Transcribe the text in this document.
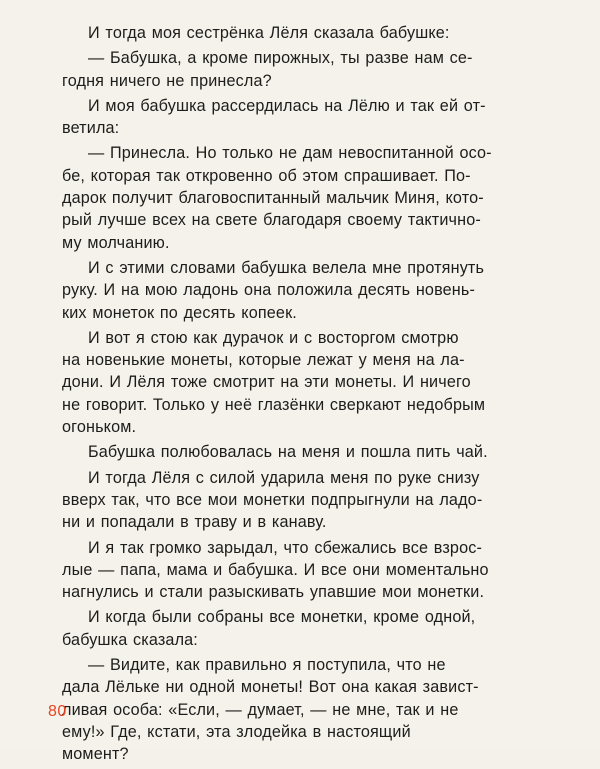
И тогда моя сестрёнка Лёля сказала бабушке:
— Бабушка, а кроме пирожных, ты разве нам се-
годня ничего не принесла?
И моя бабушка рассердилась на Лёлю и так ей от-
ветила:
— Принесла. Но только не дам невоспитанной осо-
бе, которая так откровенно об этом спрашивает. По-
дарок получит благовоспитанный мальчик Миня, кото-
рый лучше всех на свете благодаря своему тактично-
му молчанию.
И с этими словами бабушка велела мне протянуть
руку. И на мою ладонь она положила десять новень-
ких монеток по десять копеек.
И вот я стою как дурачок и с восторгом смотрю
на новенькие монеты, которые лежат у меня на ла-
дони. И Лёля тоже смотрит на эти монеты. И ничего
не говорит. Только у неё глазёнки сверкают недобрым
огоньком.
Бабушка полюбовалась на меня и пошла пить чай.
И тогда Лёля с силой ударила меня по руке снизу
вверх так, что все мои монетки подпрыгнули на ладо-
ни и попадали в траву и в канаву.
И я так громко зарыдал, что сбежались все взрос-
лые — папа, мама и бабушка. И все они моментально
нагнулись и стали разыскивать упавшие мои монетки.
И когда были собраны все монетки, кроме одной,
бабушка сказала:
— Видите, как правильно я поступила, что не
дала Лёльке ни одной монеты! Вот она какая завист-
ливая особа: «Если, — думает, — не мне, так и не
ему!» Где, кстати, эта злодейка в настоящий
момент?
80
